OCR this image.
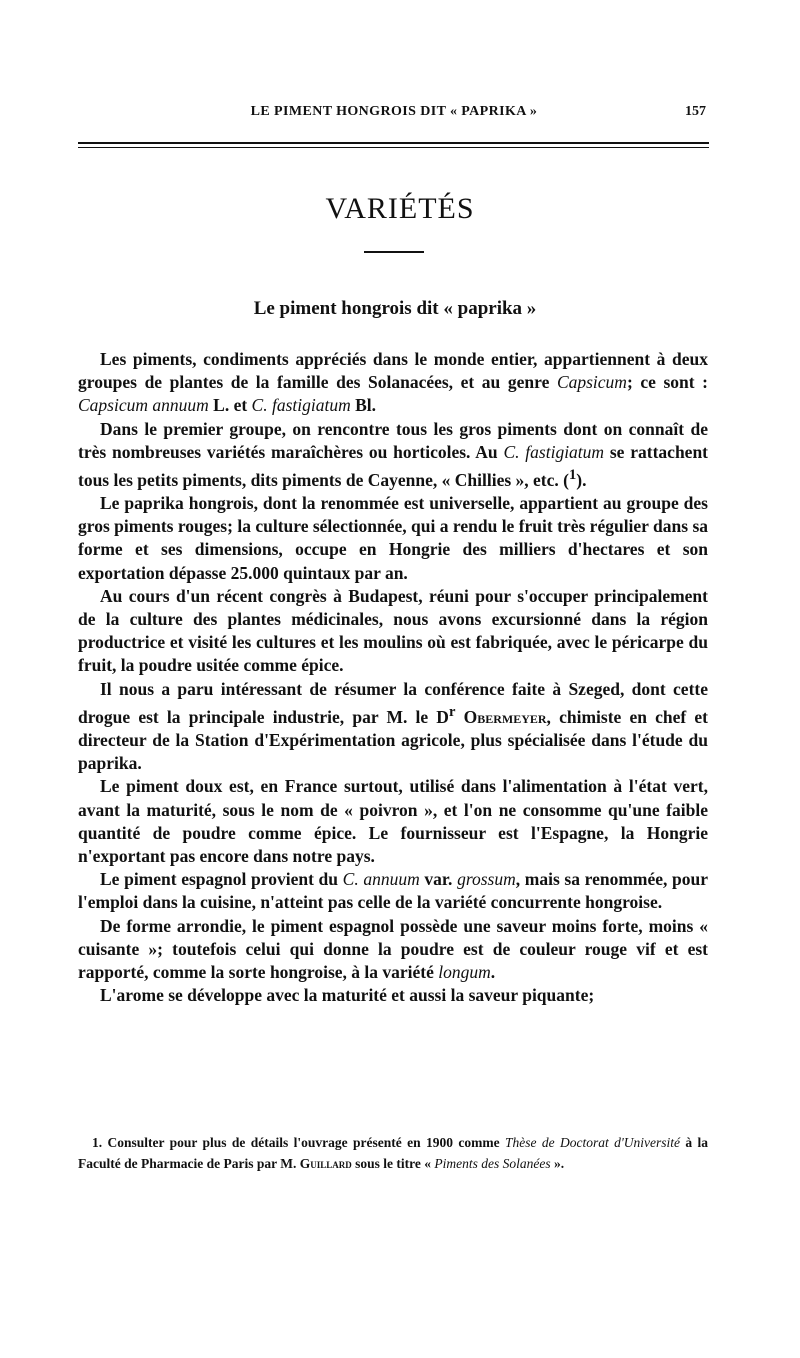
LE PIMENT HONGROIS DIT « PAPRIKA »	157
VARIÉTÉS
Le piment hongrois dit « paprika »

Les piments, condiments appréciés dans le monde entier, appartiennent à deux groupes de plantes de la famille des Solanacées, et au genre Capsicum; ce sont : Capsicum annuum L. et C. fastigiatum Bl.

Dans le premier groupe, on rencontre tous les gros piments dont on connaît de très nombreuses variétés maraîchères ou horticoles. Au C. fastigiatum se rattachent tous les petits piments, dits piments de Cayenne, « Chillies », etc. ($^1$).

Le paprika hongrois, dont la renommée est universelle, appartient au groupe des gros piments rouges; la culture sélectionnée, qui a rendu le fruit très régulier dans sa forme et ses dimensions, occupe en Hongrie des milliers d'hectares et son exportation dépasse 25.000 quintaux par an.

Au cours d'un récent congrès à Budapest, réuni pour s'occuper principalement de la culture des plantes médicinales, nous avons excursionné dans la région productrice et visité les cultures et les moulins où est fabriquée, avec le péricarpe du fruit, la poudre usitée comme épice.

Il nous a paru intéressant de résumer la conférence faite à Szeged, dont cette drogue est la principale industrie, par M. le $D^r$ Obermeyer, chimiste en chef et directeur de la Station d'Expérimentation agricole, plus spécialisée dans l'étude du paprika.

Le piment doux est, en France surtout, utilisé dans l'alimentation à l'état vert, avant la maturité, sous le nom de « poivron », et l'on ne consomme qu'une faible quantité de poudre comme épice. Le fournisseur est l'Espagne, la Hongrie n'exportant pas encore dans notre pays.

Le piment espagnol provient du C. annuum var. grossum, mais sa renommée, pour l'emploi dans la cuisine, n'atteint pas celle de la variété concurrente hongroise.

De forme arrondie, le piment espagnol possède une saveur moins forte, moins « cuisante »; toutefois celui qui donne la poudre est de couleur rouge vif et est rapporté, comme la sorte hongroise, à la variété longum.

L'arome se développe avec la maturité et aussi la saveur piquante;

1. Consulter pour plus de détails l'ouvrage présenté en 1900 comme Thèse de Doctorat d'Université à la Faculté de Pharmacie de Paris par M. Guillard sous le titre « Piments des Solanées ».
